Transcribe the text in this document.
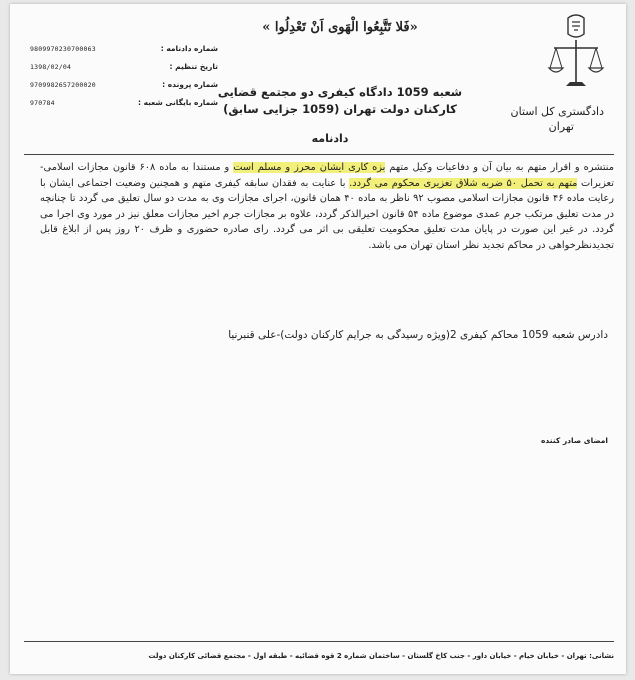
دادگستری کل استان
تهران
«فَلا تَتَّبِعُوا الْهَوى اَنْ تَعْدِلُوا »
9809970230700063	شماره دادنامه :
1398/02/04	تاریخ تنظیم :
9709982657200020	شماره پرونده :
970784	شماره بایگانی شعبه :
شعبه 1059 دادگاه کیفری دو مجتمع قضایی
کارکنان دولت تهران (1059 جزایی سابق)
دادنامه
منتشره و اقرار متهم به بیان آن و دفاعیات وکیل متهم بزه کاری ایشان محرز و مسلم است و مستندا به ماده ۶۰۸ قانون مجازات اسلامی-تعزیرات متهم به تحمل ۵۰ ضربه شلاق تعزیری محکوم می گردد. با عنایت به فقدان سابقه کیفری متهم و همچنین وضعیت اجتماعی ایشان با رعایت ماده ۴۶ قانون مجازات اسلامی مصوب ۹۲ ناظر به ماده ۴۰ همان قانون، اجرای مجازات وی به مدت دو سال تعلیق می گردد تا چنانچه در مدت تعلیق مرتکب جرم عمدی موضوع ماده ۵۴ قانون اخیرالذکر گردد، علاوه بر مجازات جرم اخیر مجازات معلق نیز در مورد وی اجرا می گردد. در غیر این صورت در پایان مدت تعلیق محکومیت تعلیقی بی اثر می گردد. رای صادره حضوری و ظرف ۲۰ روز پس از ابلاغ قابل تجدیدنظرخواهی در محاکم تجدید نظر استان تهران می باشد.
دادرس شعبه 1059 محاکم کیفری 2(ویژه رسیدگی به جرایم کارکنان دولت)-علی قنبرنیا
امضای صادر کننده
نشانی: تهران - خیابان خیام - خیابان داور - جنب کاخ گلستان - ساختمان شماره 2 قوه قضائیه - طبقه اول - مجتمع قضائی کارکنان دولت
